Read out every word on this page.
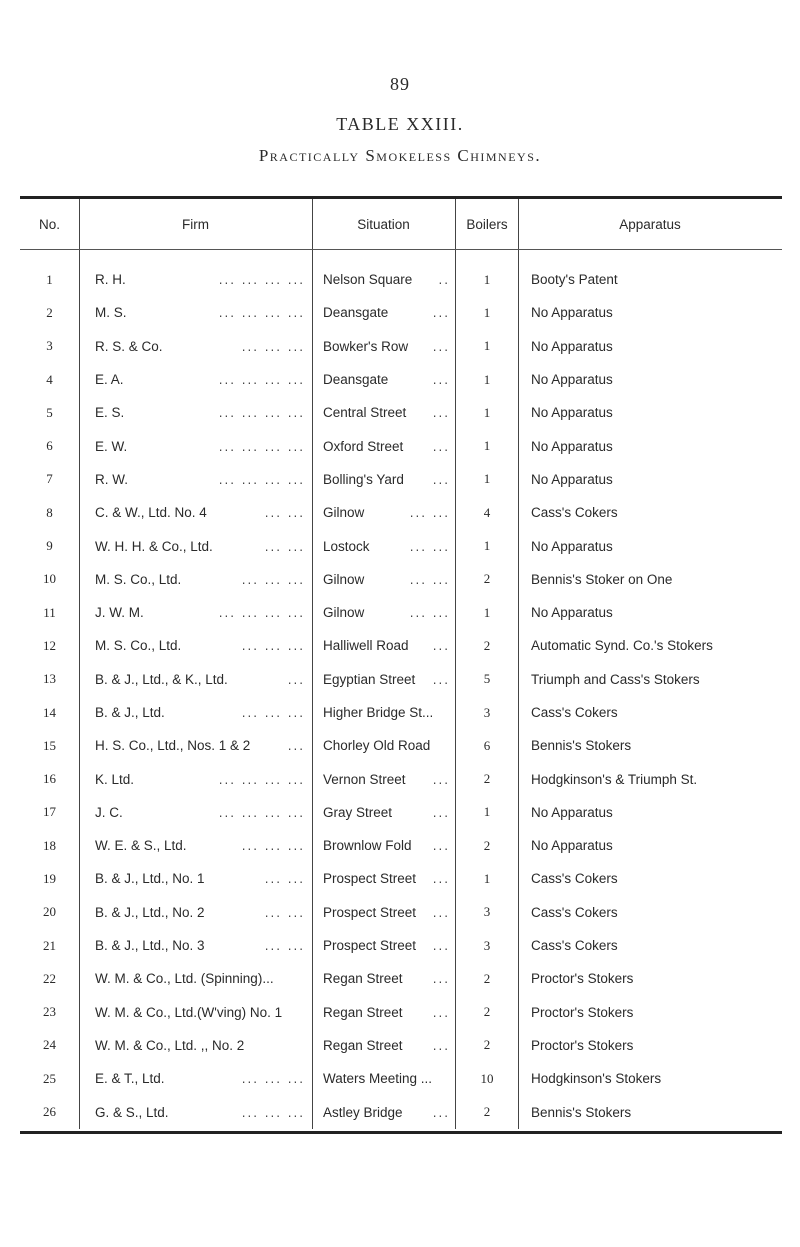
89
TABLE XXIII.
Practically Smokeless Chimneys.
No.	Firm	Situation	Boilers	Apparatus
1	R. H. ... ... ... ...	Nelson Square ..	1	Booty's Patent
2	M. S. ... ... ... ...	Deansgate ...	1	No Apparatus
3	R. S. & Co. ... ... ...	Bowker's Row ...	1	No Apparatus
4	E. A. ... ... ... ...	Deansgate ...	1	No Apparatus
5	E. S. ... ... ... ...	Central Street ...	1	No Apparatus
6	E. W. ... ... ... ...	Oxford Street ...	1	No Apparatus
7	R. W. ... ... ... ...	Bolling's Yard ...	1	No Apparatus
8	C. & W., Ltd. No. 4 ... ...	Gilnow ... ...	4	Cass's Cokers
9	W. H. H. & Co., Ltd. ... ...	Lostock ... ...	1	No Apparatus
10	M. S. Co., Ltd. ... ... ...	Gilnow ... ...	2	Bennis's Stoker on One
11	J. W. M. ... ... ... ...	Gilnow ... ...	1	No Apparatus
12	M. S. Co., Ltd. ... ... ...	Halliwell Road ...	2	Automatic Synd. Co.'s Stokers
13	B. & J., Ltd., & K., Ltd. ...	Egyptian Street ...	5	Triumph and Cass's Stokers
14	B. & J., Ltd. ... ... ...	Higher Bridge St...	3	Cass's Cokers
15	H. S. Co., Ltd., Nos. 1 & 2 ...	Chorley Old Road	6	Bennis's Stokers
16	K. Ltd. ... ... ... ...	Vernon Street ...	2	Hodgkinson's & Triumph St.
17	J. C. ... ... ... ...	Gray Street ...	1	No Apparatus
18	W. E. & S., Ltd. ... ... ...	Brownlow Fold ...	2	No Apparatus
19	B. & J., Ltd., No. 1 ... ...	Prospect Street ...	1	Cass's Cokers
20	B. & J., Ltd., No. 2 ... ...	Prospect Street ...	3	Cass's Cokers
21	B. & J., Ltd., No. 3 ... ...	Prospect Street ...	3	Cass's Cokers
22	W. M. & Co., Ltd. (Spinning)...	Regan Street ...	2	Proctor's Stokers
23	W. M. & Co., Ltd.(W'ving) No. 1	Regan Street ...	2	Proctor's Stokers
24	W. M. & Co., Ltd. ,, No. 2	Regan Street ...	2	Proctor's Stokers
25	E. & T., Ltd. ... ... ...	Waters Meeting ...	10	Hodgkinson's Stokers
26	G. & S., Ltd. ... ... ...	Astley Bridge ...	2	Bennis's Stokers
